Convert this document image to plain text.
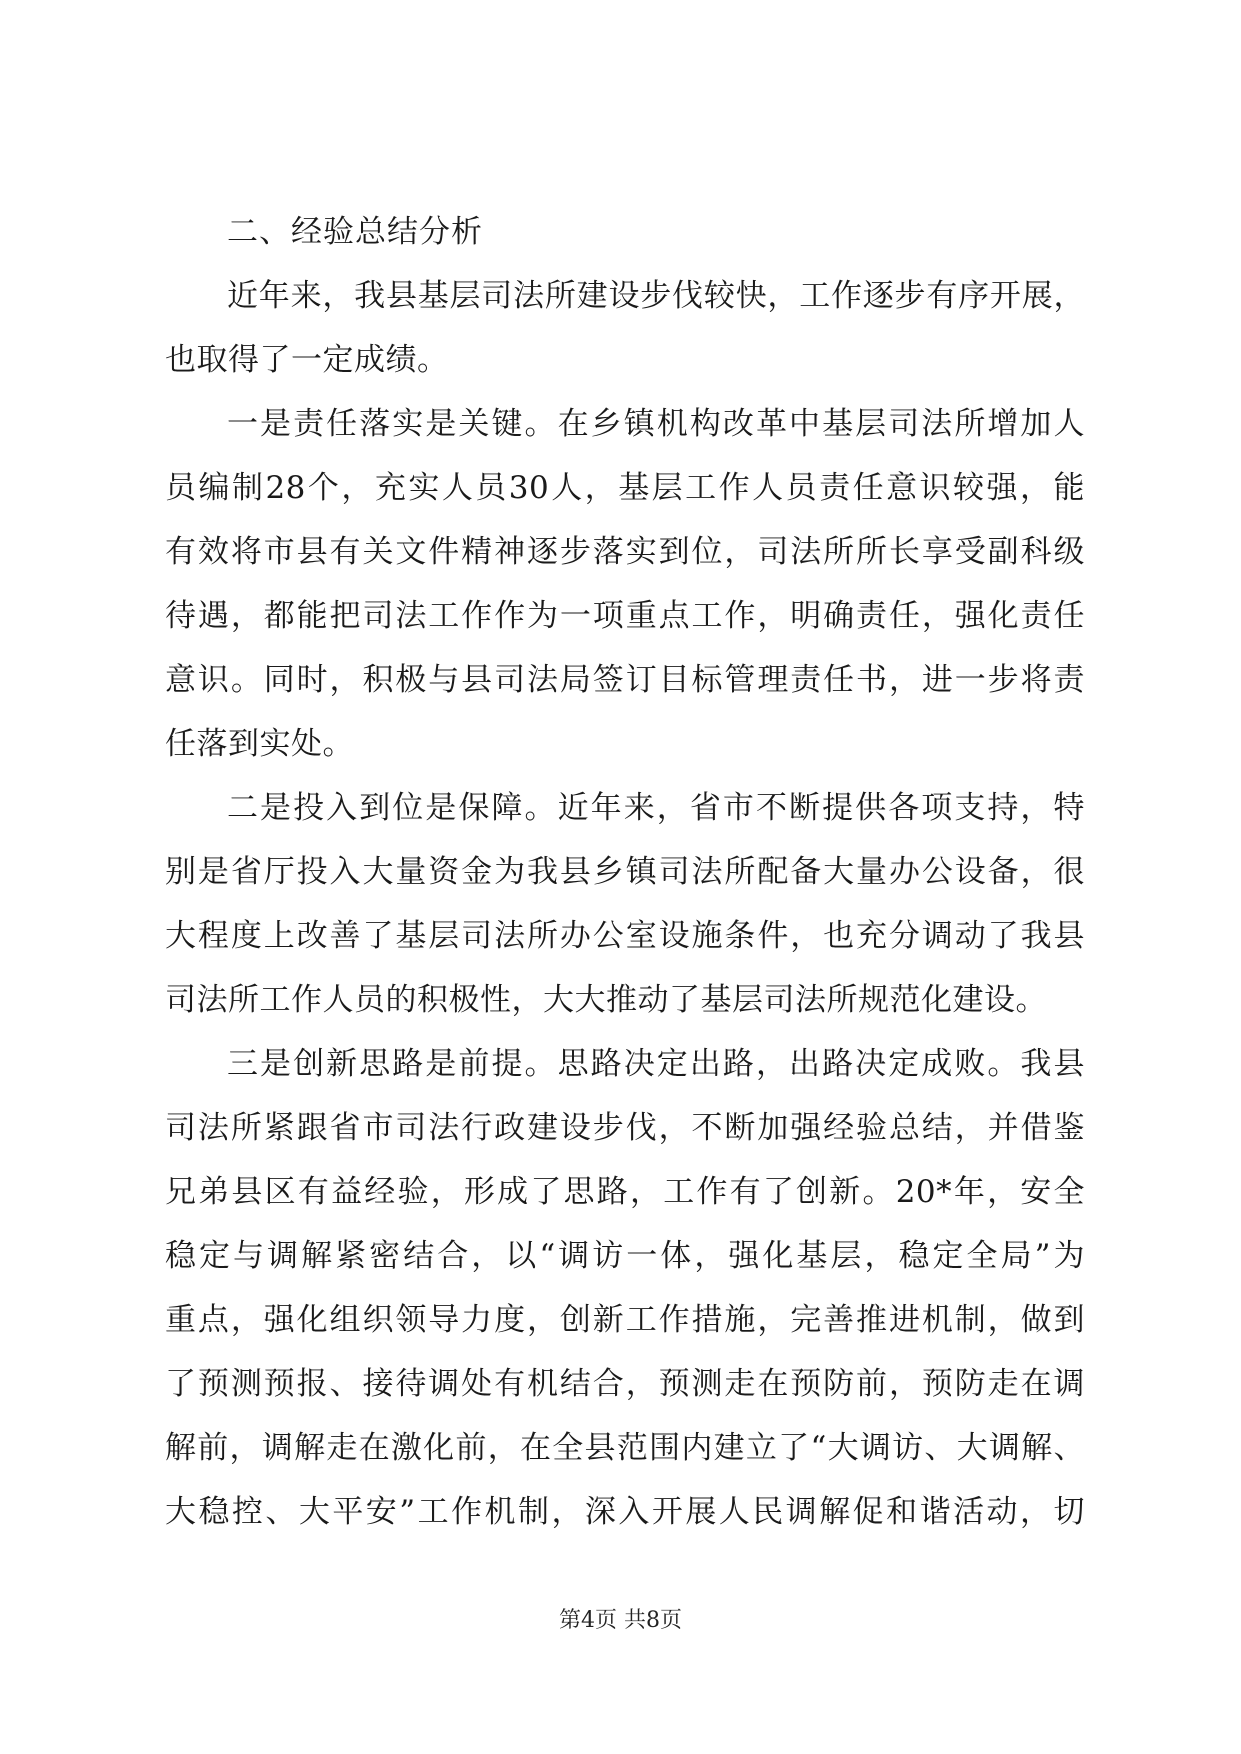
二、经验总结分析

近年来，我县基层司法所建设步伐较快，工作逐步有序开展，
也取得了一定成绩。

一是责任落实是关键。在乡镇机构改革中基层司法所增加人
员编制28个，充实人员30人，基层工作人员责任意识较强，能
有效将市县有关文件精神逐步落实到位，司法所所长享受副科级
待遇，都能把司法工作作为一项重点工作，明确责任，强化责任
意识。同时，积极与县司法局签订目标管理责任书，进一步将责
任落到实处。

二是投入到位是保障。近年来，省市不断提供各项支持，特
别是省厅投入大量资金为我县乡镇司法所配备大量办公设备，很
大程度上改善了基层司法所办公室设施条件，也充分调动了我县
司法所工作人员的积极性，大大推动了基层司法所规范化建设。

三是创新思路是前提。思路决定出路，出路决定成败。我县
司法所紧跟省市司法行政建设步伐，不断加强经验总结，并借鉴
兄弟县区有益经验，形成了思路，工作有了创新。20*年，安全
稳定与调解紧密结合，以“调访一体，强化基层，稳定全局”为
重点，强化组织领导力度，创新工作措施，完善推进机制，做到
了预测预报、接待调处有机结合，预测走在预防前，预防走在调
解前，调解走在激化前，在全县范围内建立了“大调访、大调解、
大稳控、大平安”工作机制，深入开展人民调解促和谐活动，切

第4页 共8页
